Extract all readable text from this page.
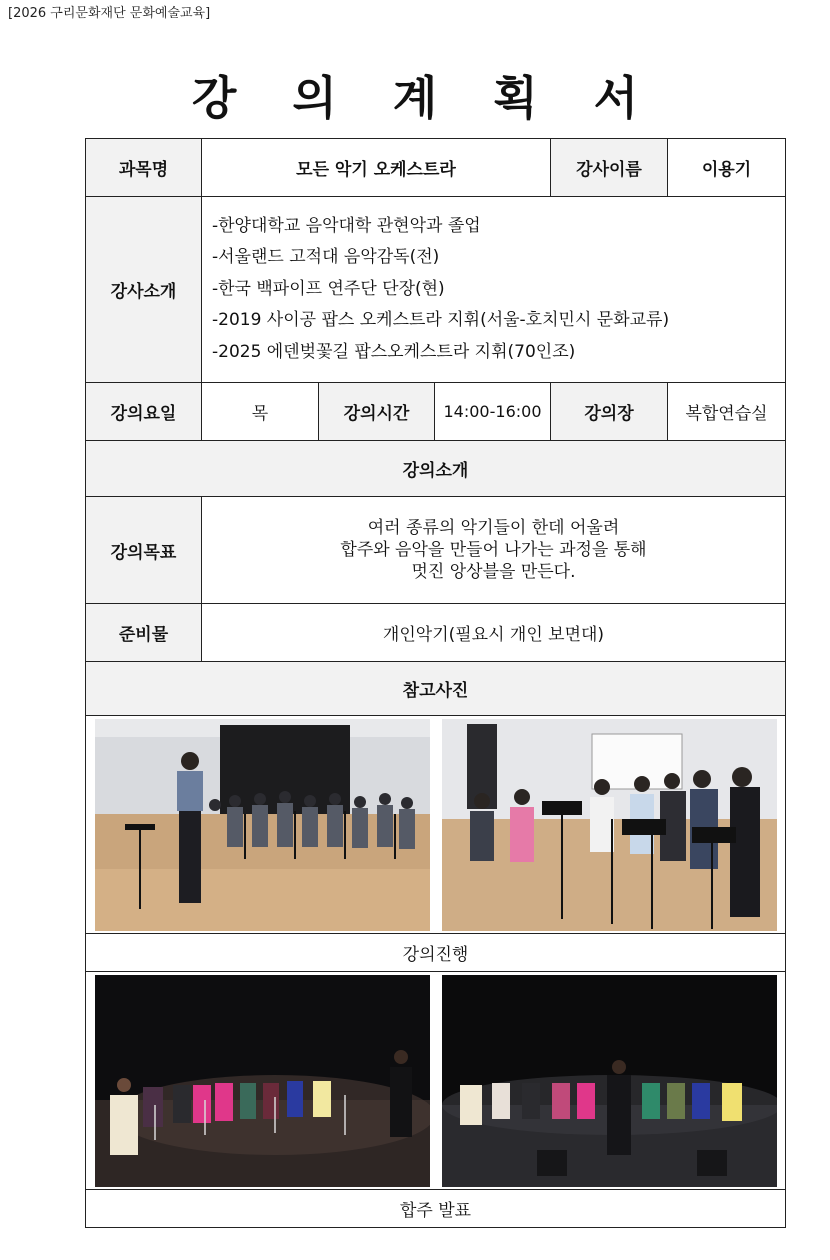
[2026 구리문화재단 문화예술교육]
강 의 계 획 서
과목명	모든 악기 오케스트라			강사이름	이용기
강사소개	-한양대학교 음악대학 관현악과 졸업
-서울랜드 고적대 음악감독(전)
-한국 백파이프 연주단 단장(현)
-2019 사이공 팝스 오케스트라 지휘(서울-호치민시 문화교류)
-2025 에덴벚꽃길 팝스오케스트라 지휘(70인조)				

강의요일	목	강의시간	14:00-16:00	강의장	복합연습실
강의소개					
강의목표	여러 종류의 악기들이 한데 어울려
합주와 음악을 만들어 나가는 과정을 통해
멋진 앙상블을 만든다.				

준비물	개인악기(필요시 개인 보면대)				
참고사진					

강의진행					

합주 발표					
